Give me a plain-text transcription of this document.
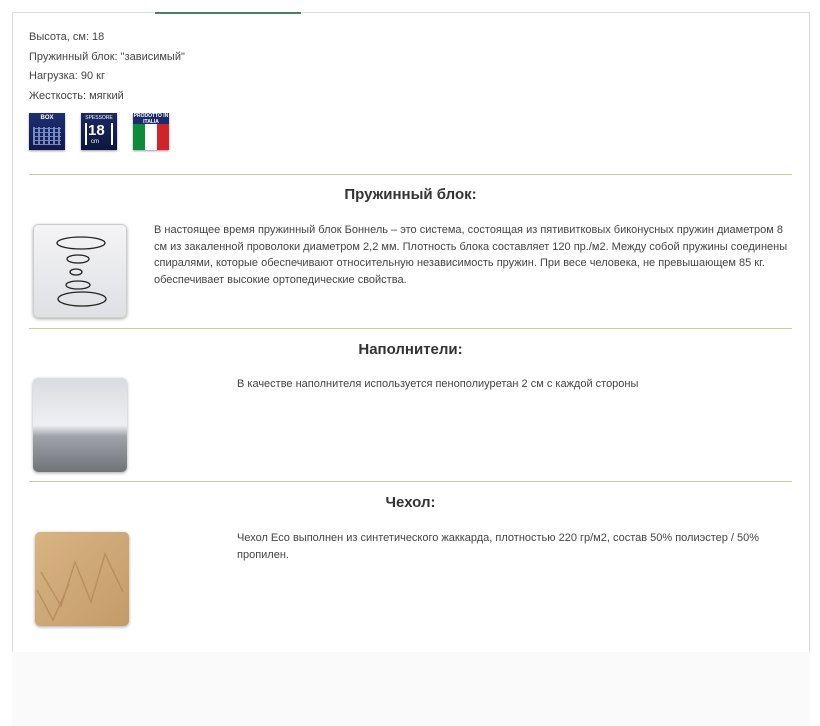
Высота, см: 18
Пружинный блок: "зависимый"
Нагрузка: 90 кг
Жесткость: мягкий
BOX	SPESSORE
18
cm
PRODOTTO IN ITALIA
Пружинный блок:
В настоящее время пружинный блок Боннель – это система, состоящая из пятивитковых биконусных пружин диаметром 8 см из закаленной проволоки диаметром 2,2 мм. Плотность блока составляет 120 пр./м2. Между собой пружины соединены спиралями, которые обеспечивают относительную независимость пружин. При весе человека, не превышающем 85 кг. обеспечивает высокие ортопедические свойства.
Наполнители:
В качестве наполнителя используется пенополиуретан 2 см с каждой стороны
Чехол:
Чехол Eco выполнен из синтетического жаккарда, плотностью 220 гр/м2, состав 50% полиэстер / 50% пропилен.
